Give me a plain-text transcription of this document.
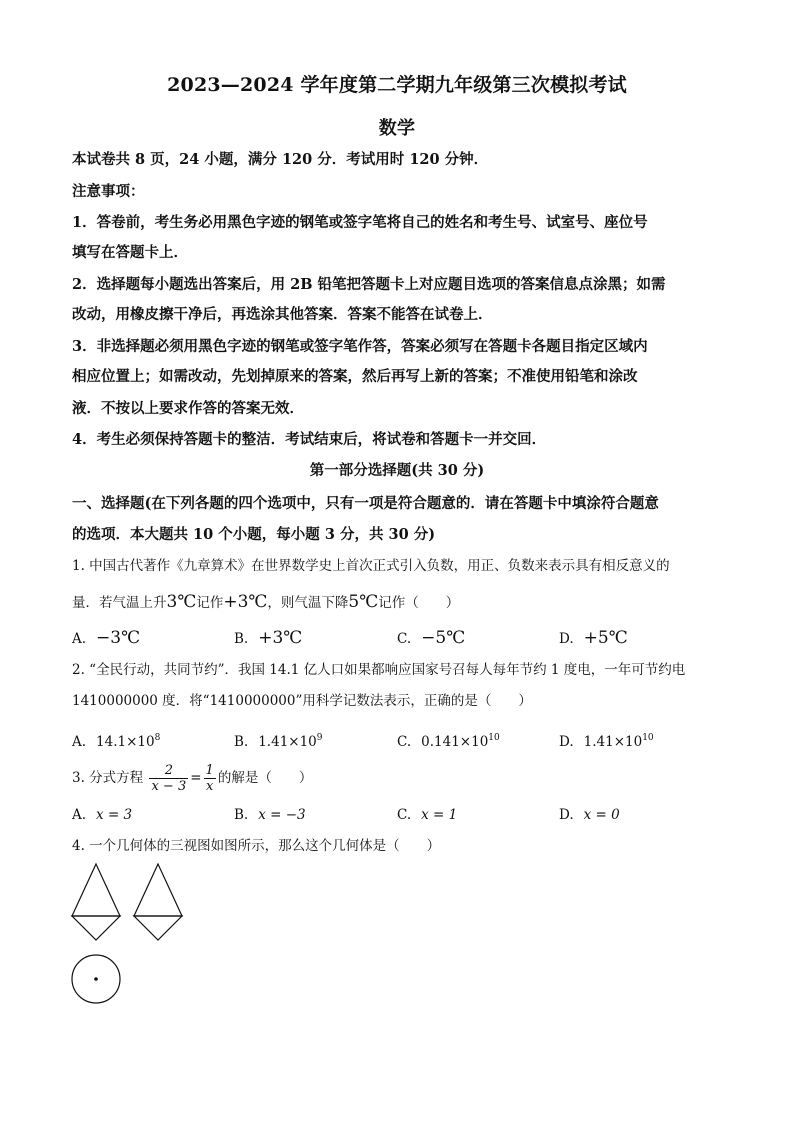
2023—2024 学年度第二学期九年级第三次模拟考试
数学
本试卷共 8 页，24 小题，满分 120 分．考试用时 120 分钟．
注意事项：
1．答卷前，考生务必用黑色字迹的钢笔或签字笔将自己的姓名和考生号、试室号、座位号
填写在答题卡上．
2．选择题每小题选出答案后，用 2B 铅笔把答题卡上对应题目选项的答案信息点涂黑；如需
改动，用橡皮擦干净后，再选涂其他答案．答案不能答在试卷上．
3．非选择题必须用黑色字迹的钢笔或签字笔作答，答案必须写在答题卡各题目指定区域内
相应位置上；如需改动，先划掉原来的答案，然后再写上新的答案；不准使用铅笔和涂改
液．不按以上要求作答的答案无效．
4．考生必须保持答题卡的整洁．考试结束后，将试卷和答题卡一并交回．
第一部分选择题(共 30 分)
一、选择题(在下列各题的四个选项中，只有一项是符合题意的．请在答题卡中填涂符合题意
的选项．本大题共 10 个小题，每小题 3 分，共 30 分)
1. 中国古代著作《九章算术》在世界数学史上首次正式引入负数，用正、负数来表示具有相反意义的
量．若气温上升3℃记作+3℃，则气温下降5℃记作（　　）
A. −3℃	B. +3℃	C. −5℃	D. +5℃
2. “全民行动，共同节约”．我国 14.1 亿人口如果都响应国家号召每人每年节约 1 度电，一年可节约电
1410000000 度．将“1410000000”用科学记数法表示，正确的是（　　）
A. $14.1\times 10^8$	B. $1.41\times 10^9$	C. $0.141\times 10^{10}$	D. $1.41\times 10^{10}$
3. 分式方程 $\frac{2}{x - 3} = \frac{1}{x}$ 的解是（　　）
A. x = 3	B. x = −3	C. x = 1	D. x = 0
4. 一个几何体的三视图如图所示，那么这个几何体是（　　）
